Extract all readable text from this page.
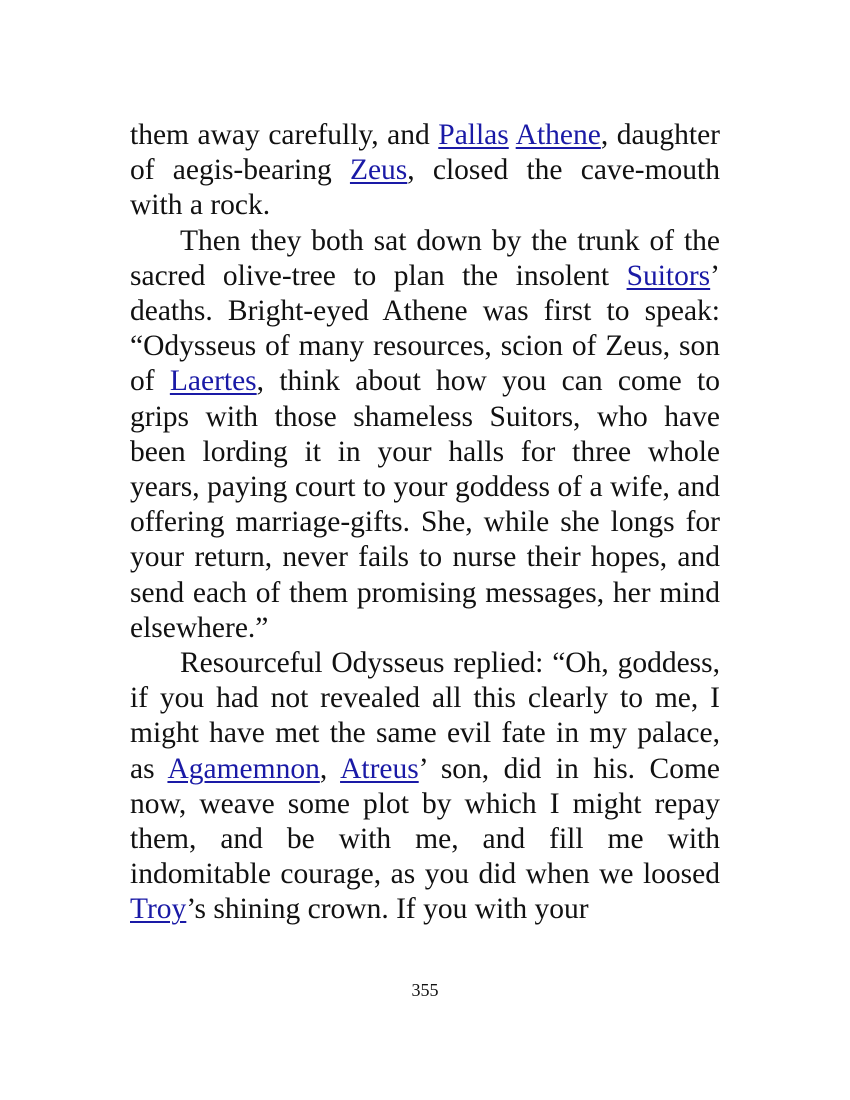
them away carefully, and Pallas Athene, daughter of aegis-bearing Zeus, closed the cave-mouth with a rock.

Then they both sat down by the trunk of the sacred olive-tree to plan the insolent Suitors’ deaths. Bright-eyed Athene was first to speak: “Odysseus of many resources, scion of Zeus, son of Laertes, think about how you can come to grips with those shameless Suitors, who have been lording it in your halls for three whole years, paying court to your goddess of a wife, and offering marriage-gifts. She, while she longs for your return, never fails to nurse their hopes, and send each of them promising messages, her mind elsewhere.”

Resourceful Odysseus replied: “Oh, goddess, if you had not revealed all this clearly to me, I might have met the same evil fate in my palace, as Agamemnon, Atreus’ son, did in his. Come now, weave some plot by which I might repay them, and be with me, and fill me with indomitable courage, as you did when we loosed Troy’s shining crown. If you with your

355
